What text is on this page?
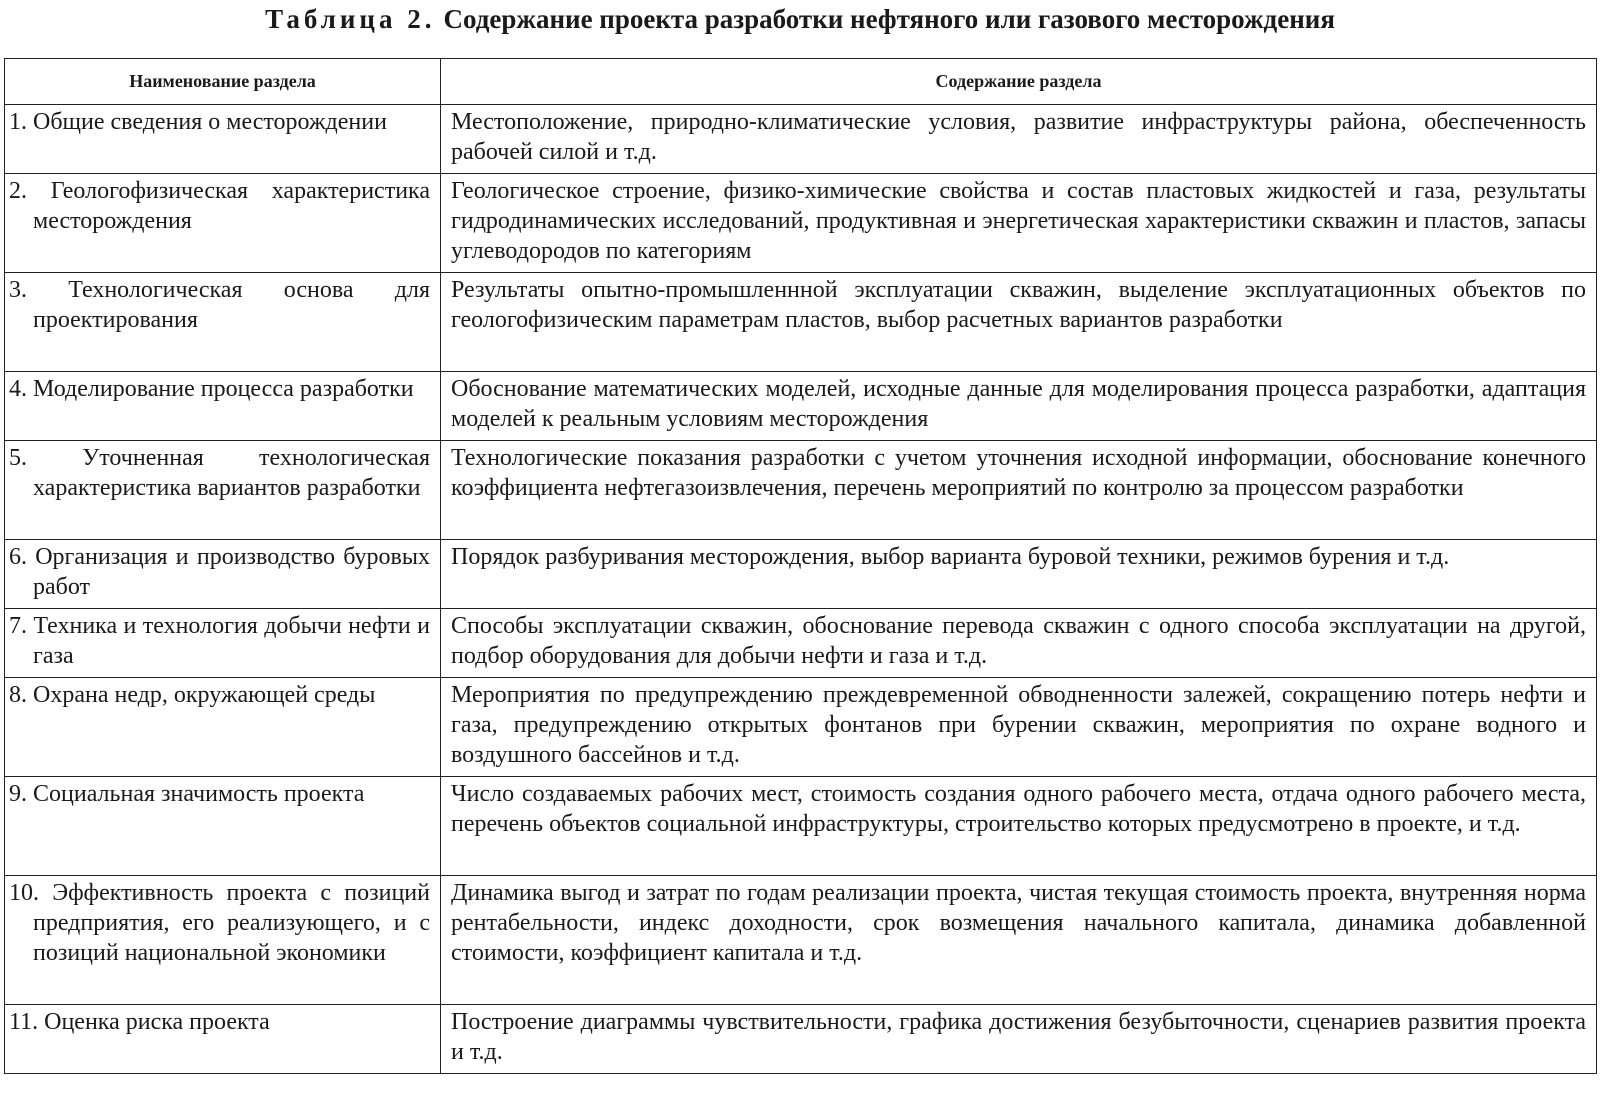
Таблица 2. Содержание проекта разработки нефтяного или газового месторождения
Наименование раздела	Содержание раздела
1. Общие сведения о месторождении	Местоположение, природно-климатические условия, развитие инфраструктуры района, обеспеченность рабочей силой и т.д.
2. Геологофизическая характеристика месторождения	Геологическое строение, физико-химические свойства и состав пластовых жидкостей и газа, результаты гидродинамических исследований, продуктивная и энергетическая характеристики скважин и пластов, запасы углеводородов по категориям
3. Технологическая основа для проектирования	Результаты опытно-промышленнной эксплуатации скважин, выделение эксплуатационных объектов по геологофизическим параметрам пластов, выбор расчетных вариантов разработки
4. Моделирование процесса разработки	Обоснование математических моделей, исходные данные для моделирования процесса разработки, адаптация моделей к реальным условиям месторождения
5. Уточненная технологическая характеристика вариантов разработки	Технологические показания разработки с учетом уточнения исходной информации, обоснование конечного коэффициента нефтегазоизвлечения, перечень мероприятий по контролю за процессом разработки
6. Организация и производство буровых работ	Порядок разбуривания месторождения, выбор варианта буровой техники, режимов бурения и т.д.
7. Техника и технология добычи нефти и газа	Способы эксплуатации скважин, обоснование перевода скважин с одного способа эксплуатации на другой, подбор оборудования для добычи нефти и газа и т.д.
8. Охрана недр, окружающей среды	Мероприятия по предупреждению преждевременной обводненности залежей, сокращению потерь нефти и газа, предупреждению открытых фонтанов при бурении скважин, мероприятия по охране водного и воздушного бассейнов и т.д.
9. Социальная значимость проекта	Число создаваемых рабочих мест, стоимость создания одного рабочего места, отдача одного рабочего места, перечень объектов социальной инфраструктуры, строительство которых предусмотрено в проекте, и т.д.
10. Эффективность проекта с позиций предприятия, его реализующего, и с позиций национальной экономики	Динамика выгод и затрат по годам реализации проекта, чистая текущая стоимость проекта, внутренняя норма рентабельности, индекс доходности, срок возмещения начального капитала, динамика добавленной стоимости, коэффициент капитала и т.д.
11. Оценка риска проекта	Построение диаграммы чувствительности, графика достижения безубыточности, сценариев развития проекта и т.д.
